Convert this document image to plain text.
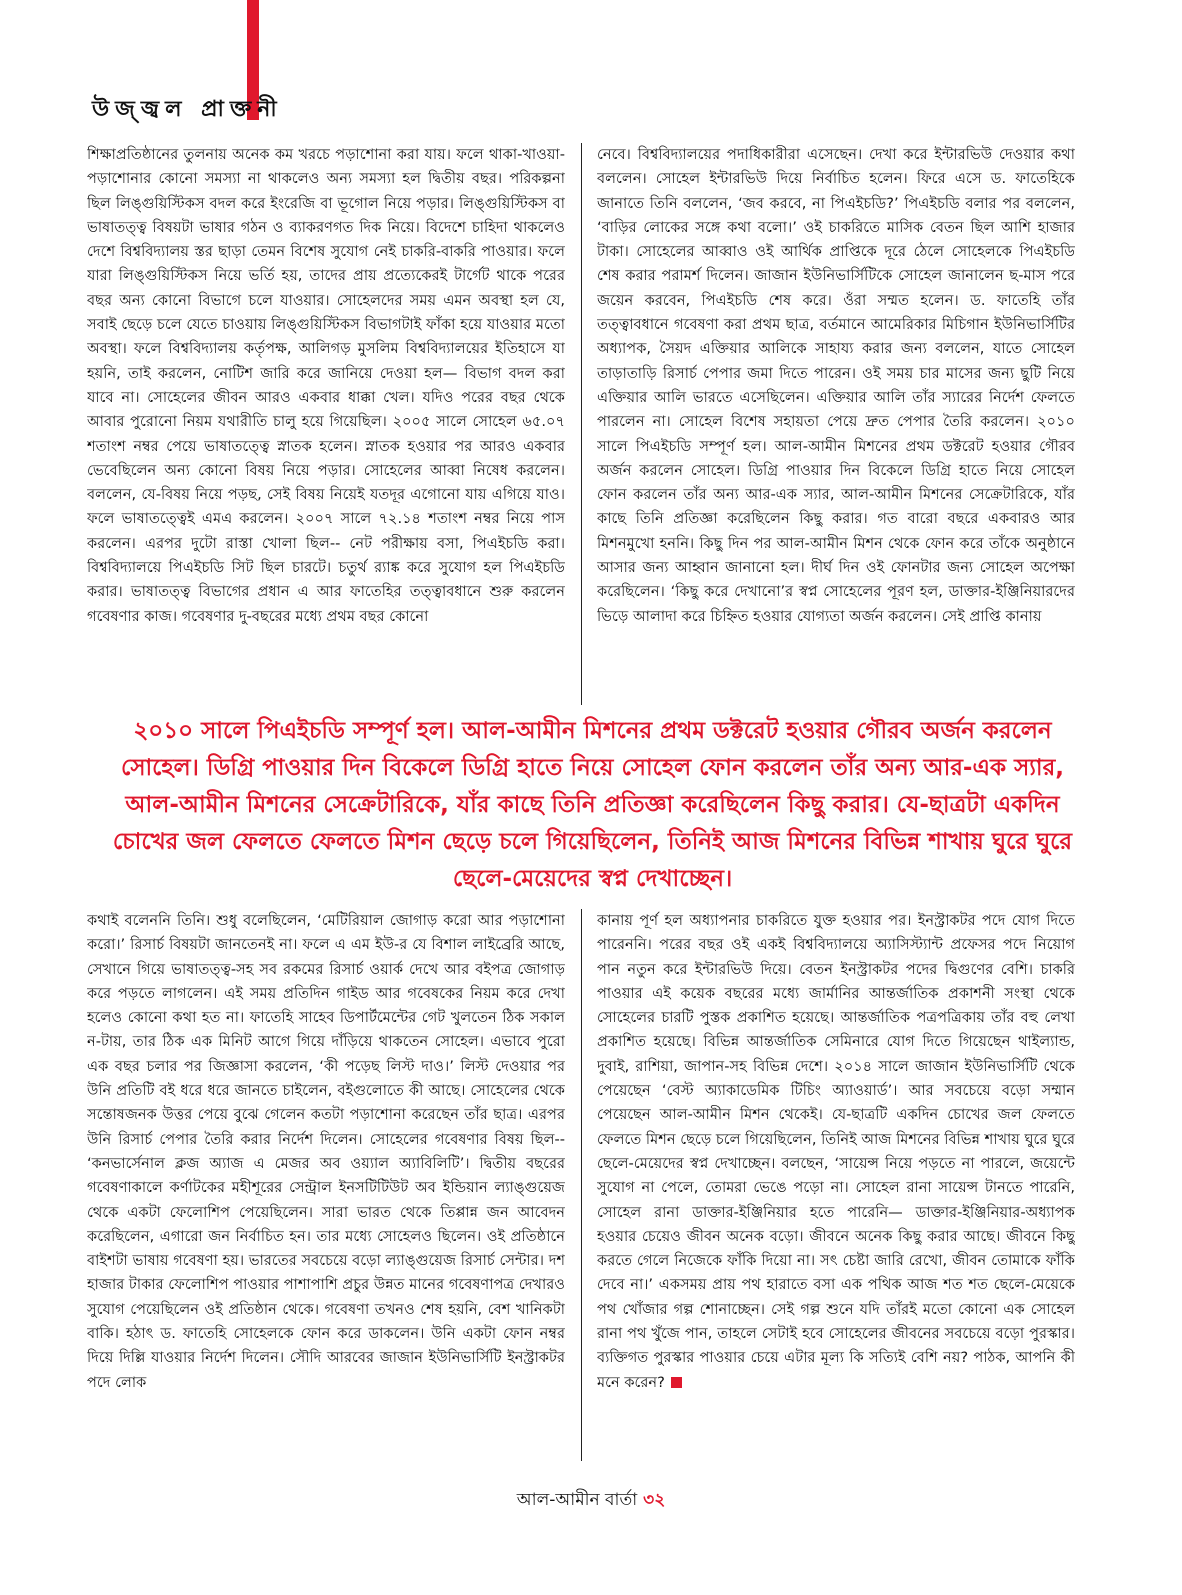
উজ্জ্বল প্রাক্তনী

শিক্ষাপ্রতিষ্ঠানের তুলনায় অনেক কম খরচে পড়াশোনা করা যায়। ফলে থাকা-খাওয়া-পড়াশোনার কোনো সমস্যা না থাকলেও অন্য সমস্যা হল দ্বিতীয় বছর। পরিকল্পনা ছিল লিঙ্গুয়িস্টিকস বদল করে ইংরেজি বা ভূগোল নিয়ে পড়ার। লিঙ্গুয়িস্টিকস বা ভাষাতত্ত্ব বিষয়টা ভাষার গঠন ও ব্যাকরণগত দিক নিয়ে। বিদেশে চাহিদা থাকলেও দেশে বিশ্ববিদ্যালয় স্তর ছাড়া তেমন বিশেষ সুযোগ নেই চাকরি-বাকরি পাওয়ার। ফলে যারা লিঙ্গুয়িস্টিকস নিয়ে ভর্তি হয়, তাদের প্রায় প্রত্যেকেরই টার্গেট থাকে পরের বছর অন্য কোনো বিভাগে চলে যাওয়ার। সোহেলদের সময় এমন অবস্থা হল যে, সবাই ছেড়ে চলে যেতে চাওয়ায় লিঙ্গুয়িস্টিকস বিভাগটাই ফাঁকা হয়ে যাওয়ার মতো অবস্থা। ফলে বিশ্ববিদ্যালয় কর্তৃপক্ষ, আলিগড় মুসলিম বিশ্ববিদ্যালয়ের ইতিহাসে যা হয়নি, তাই করলেন, নোটিশ জারি করে জানিয়ে দেওয়া হল— বিভাগ বদল করা যাবে না। সোহেলের জীবন আরও একবার ধাক্কা খেল। যদিও পরের বছর থেকে আবার পুরোনো নিয়ম যথারীতি চালু হয়ে গিয়েছিল। ২০০৫ সালে সোহেল ৬৫.০৭ শতাংশ নম্বর পেয়ে ভাষাতত্ত্বে স্নাতক হলেন। স্নাতক হওয়ার পর আরও একবার ভেবেছিলেন অন্য কোনো বিষয় নিয়ে পড়ার। সোহেলের আব্বা নিষেধ করলেন। বললেন, যে-বিষয় নিয়ে পড়ছ, সেই বিষয় নিয়েই যতদূর এগোনো যায় এগিয়ে যাও। ফলে ভাষাতত্ত্বেই এমএ করলেন। ২০০৭ সালে ৭২.১৪ শতাংশ নম্বর নিয়ে পাস করলেন। এরপর দুটো রাস্তা খোলা ছিল-- নেট পরীক্ষায় বসা, পিএইচডি করা। বিশ্ববিদ্যালয়ে পিএইচডি সিট ছিল চারটে। চতুর্থ র‍্যাঙ্ক করে সুযোগ হল পিএইচডি করার। ভাষাতত্ত্ব বিভাগের প্রধান এ আর ফাতেহির তত্ত্বাবধানে শুরু করলেন গবেষণার কাজ। গবেষণার দু-বছরের মধ্যে প্রথম বছর কোনো

নেবে। বিশ্ববিদ্যালয়ের পদাধিকারীরা এসেছেন। দেখা করে ইন্টারভিউ দেওয়ার কথা বললেন। সোহেল ইন্টারভিউ দিয়ে নির্বাচিত হলেন। ফিরে এসে ড. ফাতেহিকে জানাতে তিনি বললেন, ‘জব করবে, না পিএইচডি?’ পিএইচডি বলার পর বললেন, ‘বাড়ির লোকের সঙ্গে কথা বলো।’ ওই চাকরিতে মাসিক বেতন ছিল আশি হাজার টাকা। সোহেলের আব্বাও ওই আর্থিক প্রাপ্তিকে দূরে ঠেলে সোহেলকে পিএইচডি শেষ করার পরামর্শ দিলেন। জাজান ইউনিভার্সিটিকে সোহেল জানালেন ছ-মাস পরে জয়েন করবেন, পিএইচডি শেষ করে। ওঁরা সম্মত হলেন। ড. ফাতেহি তাঁর তত্ত্বাবধানে গবেষণা করা প্রথম ছাত্র, বর্তমানে আমেরিকার মিচিগান ইউনিভার্সিটির অধ্যাপক, সৈয়দ এক্তিয়ার আলিকে সাহায্য করার জন্য বললেন, যাতে সোহেল তাড়াতাড়ি রিসার্চ পেপার জমা দিতে পারেন। ওই সময় চার মাসের জন্য ছুটি নিয়ে এক্তিয়ার আলি ভারতে এসেছিলেন। এক্তিয়ার আলি তাঁর স্যারের নির্দেশ ফেলতে পারলেন না। সোহেল বিশেষ সহায়তা পেয়ে দ্রুত পেপার তৈরি করলেন। ২০১০ সালে পিএইচডি সম্পূর্ণ হল। আল-আমীন মিশনের প্রথম ডক্টরেট হওয়ার গৌরব অর্জন করলেন সোহেল। ডিগ্রি পাওয়ার দিন বিকেলে ডিগ্রি হাতে নিয়ে সোহেল ফোন করলেন তাঁর অন্য আর-এক স্যার, আল-আমীন মিশনের সেক্রেটারিকে, যাঁর কাছে তিনি প্রতিজ্ঞা করেছিলেন কিছু করার। গত বারো বছরে একবারও আর মিশনমুখো হননি। কিছু দিন পর আল-আমীন মিশন থেকে ফোন করে তাঁকে অনুষ্ঠানে আসার জন্য আহ্বান জানানো হল। দীর্ঘ দিন ওই ফোনটার জন্য সোহেল অপেক্ষা করেছিলেন। ‘কিছু করে দেখানো’র স্বপ্ন সোহেলের পূরণ হল, ডাক্তার-ইঞ্জিনিয়ারদের ভিড়ে আলাদা করে চিহ্নিত হওয়ার যোগ্যতা অর্জন করলেন। সেই প্রাপ্তি কানায়

২০১০ সালে পিএইচডি সম্পূর্ণ হল। আল-আমীন মিশনের প্রথম ডক্টরেট হওয়ার গৌরব অর্জন করলেন সোহেল। ডিগ্রি পাওয়ার দিন বিকেলে ডিগ্রি হাতে নিয়ে সোহেল ফোন করলেন তাঁর অন্য আর-এক স্যার, আল-আমীন মিশনের সেক্রেটারিকে, যাঁর কাছে তিনি প্রতিজ্ঞা করেছিলেন কিছু করার। যে-ছাত্রটা একদিন চোখের জল ফেলতে ফেলতে মিশন ছেড়ে চলে গিয়েছিলেন, তিনিই আজ মিশনের বিভিন্ন শাখায় ঘুরে ঘুরে ছেলে-মেয়েদের স্বপ্ন দেখাচ্ছেন।

কথাই বলেননি তিনি। শুধু বলেছিলেন, ‘মেটিরিয়াল জোগাড় করো আর পড়াশোনা করো।’ রিসার্চ বিষয়টা জানতেনই না। ফলে এ এম ইউ-র যে বিশাল লাইব্রেরি আছে, সেখানে গিয়ে ভাষাতত্ত্ব-সহ সব রকমের রিসার্চ ওয়ার্ক দেখে আর বইপত্র জোগাড় করে পড়তে লাগলেন। এই সময় প্রতিদিন গাইড আর গবেষকের নিয়ম করে দেখা হলেও কোনো কথা হত না। ফাতেহি সাহেব ডিপার্টমেন্টের গেট খুলতেন ঠিক সকাল ন-টায়, তার ঠিক এক মিনিট আগে গিয়ে দাঁড়িয়ে থাকতেন সোহেল। এভাবে পুরো এক বছর চলার পর জিজ্ঞাসা করলেন, ‘কী পড়েছ লিস্ট দাও।’ লিস্ট দেওয়ার পর উনি প্রতিটি বই ধরে ধরে জানতে চাইলেন, বইগুলোতে কী আছে। সোহেলের থেকে সন্তোষজনক উত্তর পেয়ে বুঝে গেলেন কতটা পড়াশোনা করেছেন তাঁর ছাত্র। এরপর উনি রিসার্চ পেপার তৈরি করার নির্দেশ দিলেন। সোহেলের গবেষণার বিষয় ছিল-- ‘কনভার্সেনাল ক্লজ অ্যাজ এ মেজর অব ওয়্যাল অ্যাবিলিটি’। দ্বিতীয় বছরের গবেষণাকালে কর্ণাটকের মহীশূরের সেন্ট্রাল ইনসটিটিউট অব ইন্ডিয়ান ল্যাঙ্গুয়েজ থেকে একটা ফেলোশিপ পেয়েছিলেন। সারা ভারত থেকে তিপ্পান্ন জন আবেদন করেছিলেন, এগারো জন নির্বাচিত হন। তার মধ্যে সোহেলও ছিলেন। ওই প্রতিষ্ঠানে বাইশটা ভাষায় গবেষণা হয়। ভারতের সবচেয়ে বড়ো ল্যাঙ্গুয়েজ রিসার্চ সেন্টার। দশ হাজার টাকার ফেলোশিপ পাওয়ার পাশাপাশি প্রচুর উন্নত মানের গবেষণাপত্র দেখারও সুযোগ পেয়েছিলেন ওই প্রতিষ্ঠান থেকে। গবেষণা তখনও শেষ হয়নি, বেশ খানিকটা বাকি। হঠাৎ ড. ফাতেহি সোহেলকে ফোন করে ডাকলেন। উনি একটা ফোন নম্বর দিয়ে দিল্লি যাওয়ার নির্দেশ দিলেন। সৌদি আরবের জাজান ইউনিভার্সিটি ইনস্ট্রাকটর পদে লোক

কানায় পূর্ণ হল অধ্যাপনার চাকরিতে যুক্ত হওয়ার পর। ইনস্ট্রাকটর পদে যোগ দিতে পারেননি। পরের বছর ওই একই বিশ্ববিদ্যালয়ে অ্যাসিস্ট্যান্ট প্রফেসর পদে নিয়োগ পান নতুন করে ইন্টারভিউ দিয়ে। বেতন ইনস্ট্রাকটর পদের দ্বিগুণের বেশি। চাকরি পাওয়ার এই কয়েক বছরের মধ্যে জার্মানির আন্তর্জাতিক প্রকাশনী সংস্থা থেকে সোহেলের চারটি পুস্তক প্রকাশিত হয়েছে। আন্তর্জাতিক পত্রপত্রিকায় তাঁর বহু লেখা প্রকাশিত হয়েছে। বিভিন্ন আন্তর্জাতিক সেমিনারে যোগ দিতে গিয়েছেন থাইল্যান্ড, দুবাই, রাশিয়া, জাপান-সহ বিভিন্ন দেশে। ২০১৪ সালে জাজান ইউনিভার্সিটি থেকে পেয়েছেন ‘বেস্ট অ্যাকাডেমিক টিচিং অ্যাওয়ার্ড’। আর সবচেয়ে বড়ো সম্মান পেয়েছেন আল-আমীন মিশন থেকেই। যে-ছাত্রটি একদিন চোখের জল ফেলতে ফেলতে মিশন ছেড়ে চলে গিয়েছিলেন, তিনিই আজ মিশনের বিভিন্ন শাখায় ঘুরে ঘুরে ছেলে-মেয়েদের স্বপ্ন দেখাচ্ছেন। বলছেন, ‘সায়েন্স নিয়ে পড়তে না পারলে, জয়েন্টে সুযোগ না পেলে, তোমরা ভেঙে পড়ো না। সোহেল রানা সায়েন্স টানতে পারেনি, সোহেল রানা ডাক্তার-ইঞ্জিনিয়ার হতে পারেনি— ডাক্তার-ইঞ্জিনিয়ার-অধ্যাপক হওয়ার চেয়েও জীবন অনেক বড়ো। জীবনে অনেক কিছু করার আছে। জীবনে কিছু করতে গেলে নিজেকে ফাঁকি দিয়ো না। সৎ চেষ্টা জারি রেখো, জীবন তোমাকে ফাঁকি দেবে না।’ একসময় প্রায় পথ হারাতে বসা এক পথিক আজ শত শত ছেলে-মেয়েকে পথ খোঁজার গল্প শোনাচ্ছেন। সেই গল্প শুনে যদি তাঁরই মতো কোনো এক সোহেল রানা পথ খুঁজে পান, তাহলে সেটাই হবে সোহেলের জীবনের সবচেয়ে বড়ো পুরস্কার। ব্যক্তিগত পুরস্কার পাওয়ার চেয়ে এটার মূল্য কি সত্যিই বেশি নয়? পাঠক, আপনি কী মনে করেন?

আল-আমীন বার্তা ৩২
